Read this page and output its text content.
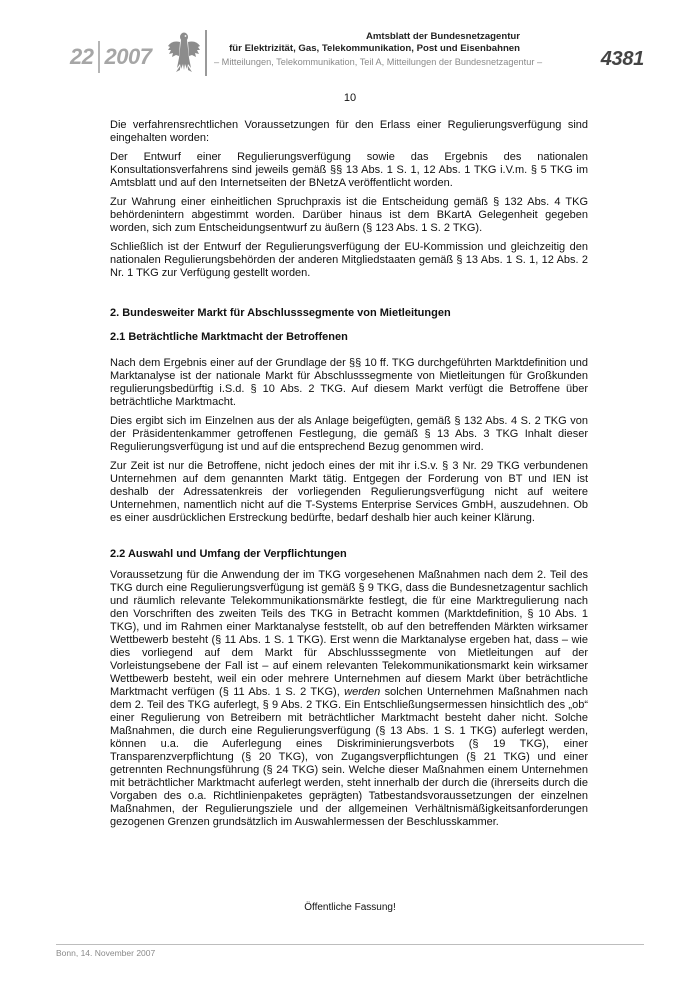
22 2007
Amtsblatt der Bundesnetzagentur
für Elektrizität, Gas, Telekommunikation, Post und Eisenbahnen
– Mitteilungen, Telekommunikation, Teil A, Mitteilungen der Bundesnetzagentur –	4381
10

Die verfahrensrechtlichen Voraussetzungen für den Erlass einer Regulierungsverfügung sind eingehalten worden:

Der Entwurf einer Regulierungsverfügung sowie das Ergebnis des nationalen Konsultationsverfahrens sind jeweils gemäß §§ 13 Abs. 1 S. 1, 12 Abs. 1 TKG i.V.m. § 5 TKG im Amtsblatt und auf den Internetseiten der BNetzA veröffentlicht worden.

Zur Wahrung einer einheitlichen Spruchpraxis ist die Entscheidung gemäß § 132 Abs. 4 TKG behördenintern abgestimmt worden. Darüber hinaus ist dem BKartA Gelegenheit gegeben worden, sich zum Entscheidungsentwurf zu äußern (§ 123 Abs. 1 S. 2 TKG).

Schließlich ist der Entwurf der Regulierungsverfügung der EU-Kommission und gleichzeitig den nationalen Regulierungsbehörden der anderen Mitgliedstaaten gemäß § 13 Abs. 1 S. 1, 12 Abs. 2 Nr. 1 TKG zur Verfügung gestellt worden.

2. Bundesweiter Markt für Abschlusssegmente von Mietleitungen
2.1 Beträchtliche Marktmacht der Betroffenen

Nach dem Ergebnis einer auf der Grundlage der §§ 10 ff. TKG durchgeführten Marktdefinition und Marktanalyse ist der nationale Markt für Abschlusssegmente von Mietleitungen für Großkunden regulierungsbedürftig i.S.d. § 10 Abs. 2 TKG. Auf diesem Markt verfügt die Betroffene über beträchtliche Marktmacht.

Dies ergibt sich im Einzelnen aus der als Anlage beigefügten, gemäß § 132 Abs. 4 S. 2 TKG von der Präsidentenkammer getroffenen Festlegung, die gemäß § 13 Abs. 3 TKG Inhalt dieser Regulierungsverfügung ist und auf die entsprechend Bezug genommen wird.

Zur Zeit ist nur die Betroffene, nicht jedoch eines der mit ihr i.S.v. § 3 Nr. 29 TKG verbundenen Unternehmen auf dem genannten Markt tätig. Entgegen der Forderung von BT und IEN ist deshalb der Adressatenkreis der vorliegenden Regulierungsverfügung nicht auf weitere Unternehmen, namentlich nicht auf die T-Systems Enterprise Services GmbH, auszudehnen. Ob es einer ausdrücklichen Erstreckung bedürfte, bedarf deshalb hier auch keiner Klärung.

2.2 Auswahl und Umfang der Verpflichtungen

Voraussetzung für die Anwendung der im TKG vorgesehenen Maßnahmen nach dem 2. Teil des TKG durch eine Regulierungsverfügung ist gemäß § 9 TKG, dass die Bundesnetzagentur sachlich und räumlich relevante Telekommunikationsmärkte festlegt, die für eine Marktregulierung nach den Vorschriften des zweiten Teils des TKG in Betracht kommen (Marktdefinition, § 10 Abs. 1 TKG), und im Rahmen einer Marktanalyse feststellt, ob auf den betreffenden Märkten wirksamer Wettbewerb besteht (§ 11 Abs. 1 S. 1 TKG). Erst wenn die Marktanalyse ergeben hat, dass – wie dies vorliegend auf dem Markt für Abschlusssegmente von Mietleitungen auf der Vorleistungsebene der Fall ist – auf einem relevanten Telekommunikationsmarkt kein wirksamer Wettbewerb besteht, weil ein oder mehrere Unternehmen auf diesem Markt über beträchtliche Marktmacht verfügen (§ 11 Abs. 1 S. 2 TKG), werden solchen Unternehmen Maßnahmen nach dem 2. Teil des TKG auferlegt, § 9 Abs. 2 TKG. Ein Entschließungsermessen hinsichtlich des „ob“ einer Regulierung von Betreibern mit beträchtlicher Marktmacht besteht daher nicht. Solche Maßnahmen, die durch eine Regulierungsverfügung (§ 13 Abs. 1 S. 1 TKG) auferlegt werden, können u.a. die Auferlegung eines Diskriminierungsverbots (§ 19 TKG), einer Transparenzverpflichtung (§ 20 TKG), von Zugangsverpflichtungen (§ 21 TKG) und einer getrennten Rechnungsführung (§ 24 TKG) sein. Welche dieser Maßnahmen einem Unternehmen mit beträchtlicher Marktmacht auferlegt werden, steht innerhalb der durch die (ihrerseits durch die Vorgaben des o.a. Richtlinienpaketes geprägten) Tatbestandsvoraussetzungen der einzelnen Maßnahmen, der Regulierungsziele und der allgemeinen Verhältnismäßigkeitsanforderungen gezogenen Grenzen grundsätzlich im Auswahlermessen der Beschlusskammer.

Öffentliche Fassung!
Bonn, 14. November 2007
